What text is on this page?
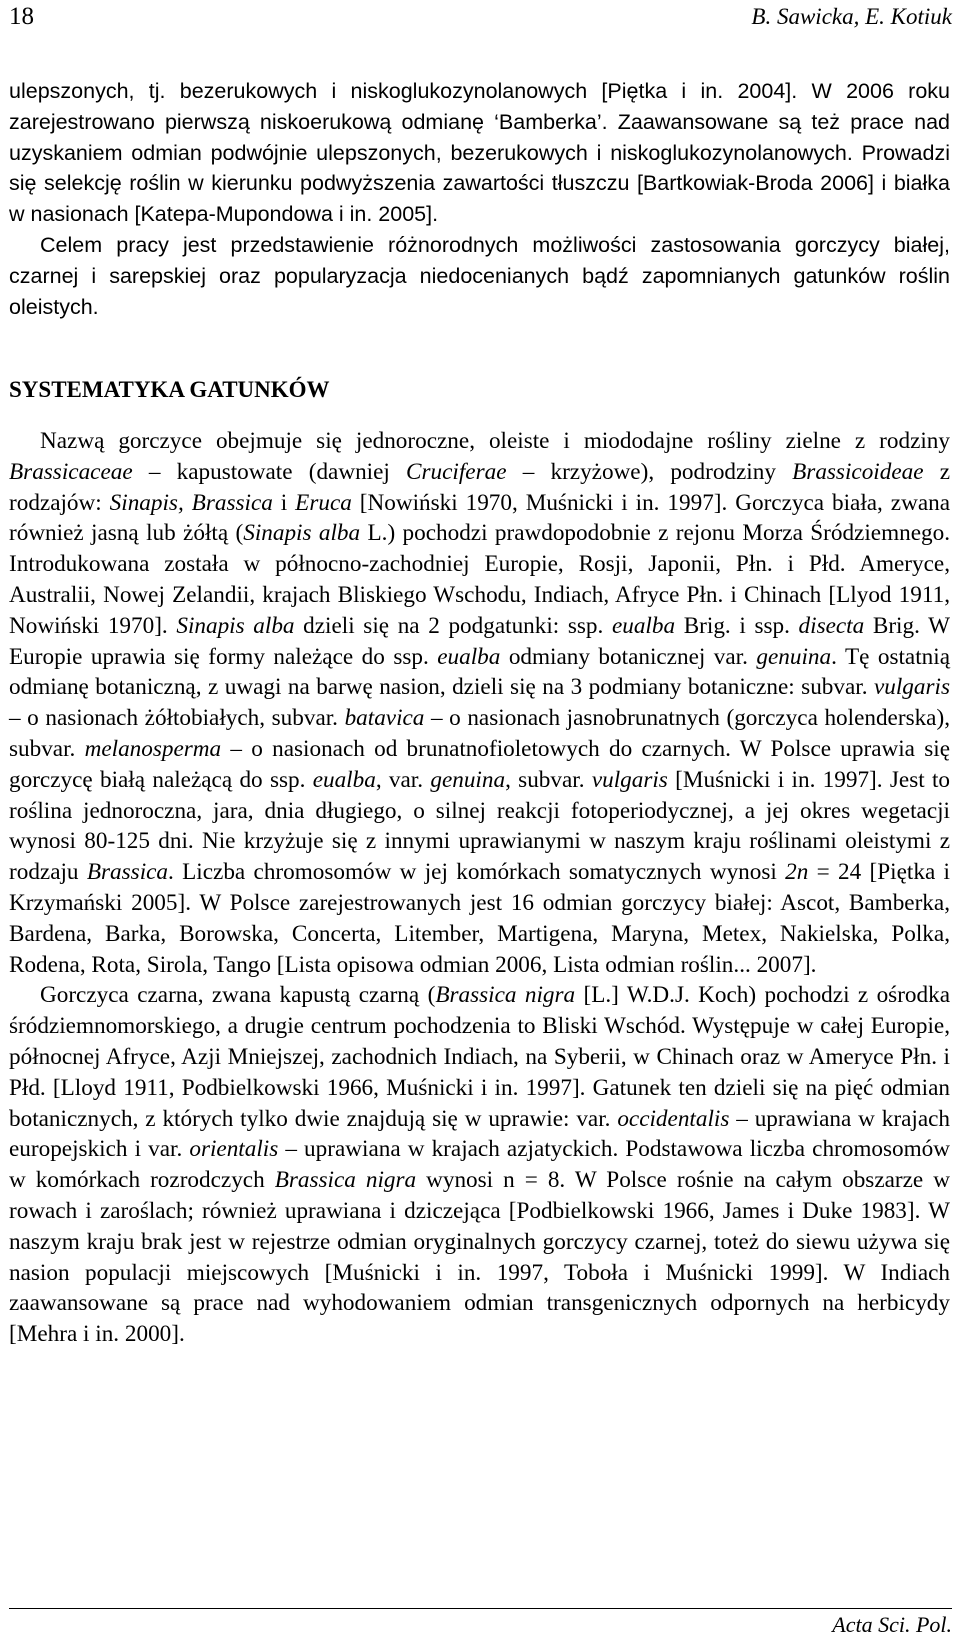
18	B. Sawicka, E. Kotiuk

ulepszonych, tj. bezerukowych i niskoglukozynolanowych [Piętka i in. 2004]. W 2006 roku zarejestrowano pierwszą niskoerukową odmianę ‘Bamberka’. Zaawansowane są też prace nad uzyskaniem odmian podwójnie ulepszonych, bezerukowych i niskoglukozynolanowych. Prowadzi się selekcję roślin w kierunku podwyższenia zawartości tłuszczu [Bartkowiak-Broda 2006] i białka w nasionach [Katepa-Mupondowa i in. 2005].

Celem pracy jest przedstawienie różnorodnych możliwości zastosowania gorczycy białej, czarnej i sarepskiej oraz popularyzacja niedocenianych bądź zapomnianych gatunków roślin oleistych.

SYSTEMATYKA GATUNKÓW

Nazwą gorczyce obejmuje się jednoroczne, oleiste i miododajne rośliny zielne z rodziny Brassicaceae – kapustowate (dawniej Cruciferae – krzyżowe), podrodziny Brassicoideae z rodzajów: Sinapis, Brassica i Eruca [Nowiński 1970, Muśnicki i in. 1997]. Gorczyca biała, zwana również jasną lub żółtą (Sinapis alba L.) pochodzi prawdopodobnie z rejonu Morza Śródziemnego. Introdukowana została w północno-zachodniej Europie, Rosji, Japonii, Płn. i Płd. Ameryce, Australii, Nowej Zelandii, krajach Bliskiego Wschodu, Indiach, Afryce Płn. i Chinach [Llyod 1911, Nowiński 1970]. Sinapis alba dzieli się na 2 podgatunki: ssp. eualba Brig. i ssp. disecta Brig. W Europie uprawia się formy należące do ssp. eualba odmiany botanicznej var. genuina. Tę ostatnią odmianę botaniczną, z uwagi na barwę nasion, dzieli się na 3 podmiany botaniczne: subvar. vulgaris – o nasionach żółtobiałych, subvar. batavica – o nasionach jasnobrunatnych (gorczyca holenderska), subvar. melanosperma – o nasionach od brunatnofioletowych do czarnych. W Polsce uprawia się gorczycę białą należącą do ssp. eualba, var. genuina, subvar. vulgaris [Muśnicki i in. 1997]. Jest to roślina jednoroczna, jara, dnia długiego, o silnej reakcji fotoperiodycznej, a jej okres wegetacji wynosi 80-125 dni. Nie krzyżuje się z innymi uprawianymi w naszym kraju roślinami oleistymi z rodzaju Brassica. Liczba chromosomów w jej komórkach somatycznych wynosi 2n = 24 [Piętka i Krzymański 2005]. W Polsce zarejestrowanych jest 16 odmian gorczycy białej: Ascot, Bamberka, Bardena, Barka, Borowska, Concerta, Litember, Martigena, Maryna, Metex, Nakielska, Polka, Rodena, Rota, Sirola, Tango [Lista opisowa odmian 2006, Lista odmian roślin... 2007].

Gorczyca czarna, zwana kapustą czarną (Brassica nigra [L.] W.D.J. Koch) pochodzi z ośrodka śródziemnomorskiego, a drugie centrum pochodzenia to Bliski Wschód. Występuje w całej Europie, północnej Afryce, Azji Mniejszej, zachodnich Indiach, na Syberii, w Chinach oraz w Ameryce Płn. i Płd. [Lloyd 1911, Podbielkowski 1966, Muśnicki i in. 1997]. Gatunek ten dzieli się na pięć odmian botanicznych, z których tylko dwie znajdują się w uprawie: var. occidentalis – uprawiana w krajach europejskich i var. orientalis – uprawiana w krajach azjatyckich. Podstawowa liczba chromosomów w komórkach rozrodczych Brassica nigra wynosi n = 8. W Polsce rośnie na całym obszarze w rowach i zaroślach; również uprawiana i dziczejąca [Podbielkowski 1966, James i Duke 1983]. W naszym kraju brak jest w rejestrze odmian oryginalnych gorczycy czarnej, toteż do siewu używa się nasion populacji miejscowych [Muśnicki i in. 1997, Toboła i Muśnicki 1999]. W Indiach zaawansowane są prace nad wyhodowaniem odmian transgenicznych odpornych na herbicydy [Mehra i in. 2000].

Acta Sci. Pol.
